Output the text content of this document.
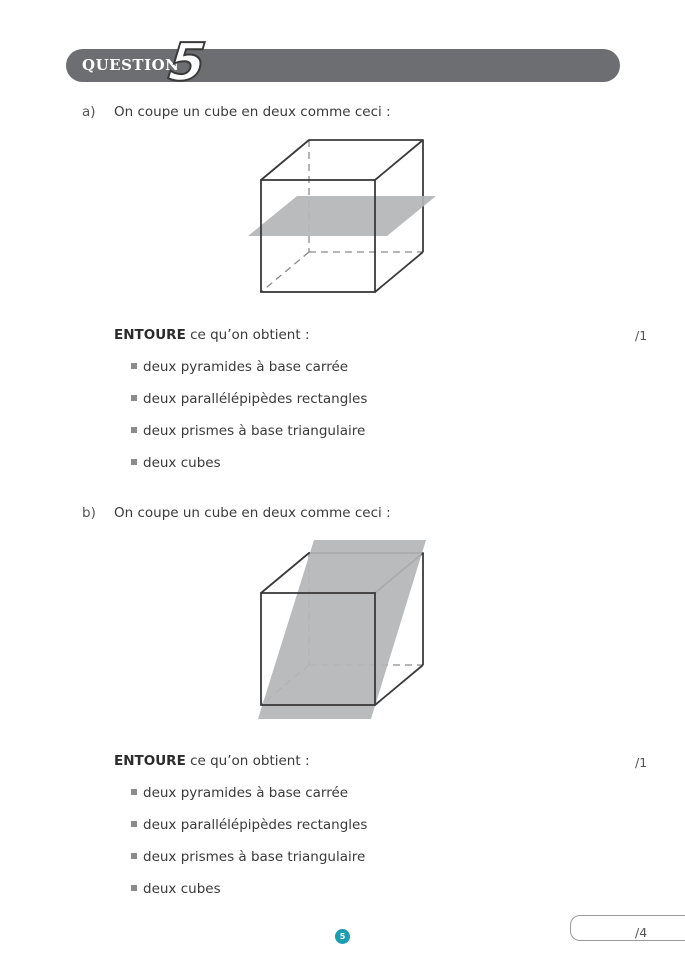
QUESTION
5
a) On coupe un cube en deux comme ceci :
ENTOURE ce qu’on obtient :	/1
deux pyramides à base carrée
deux parallélépipèdes rectangles
deux prismes à base triangulaire
deux cubes
b) On coupe un cube en deux comme ceci :
ENTOURE ce qu’on obtient :	/1
deux pyramides à base carrée
deux parallélépipèdes rectangles
deux prismes à base triangulaire
deux cubes
5	/4
